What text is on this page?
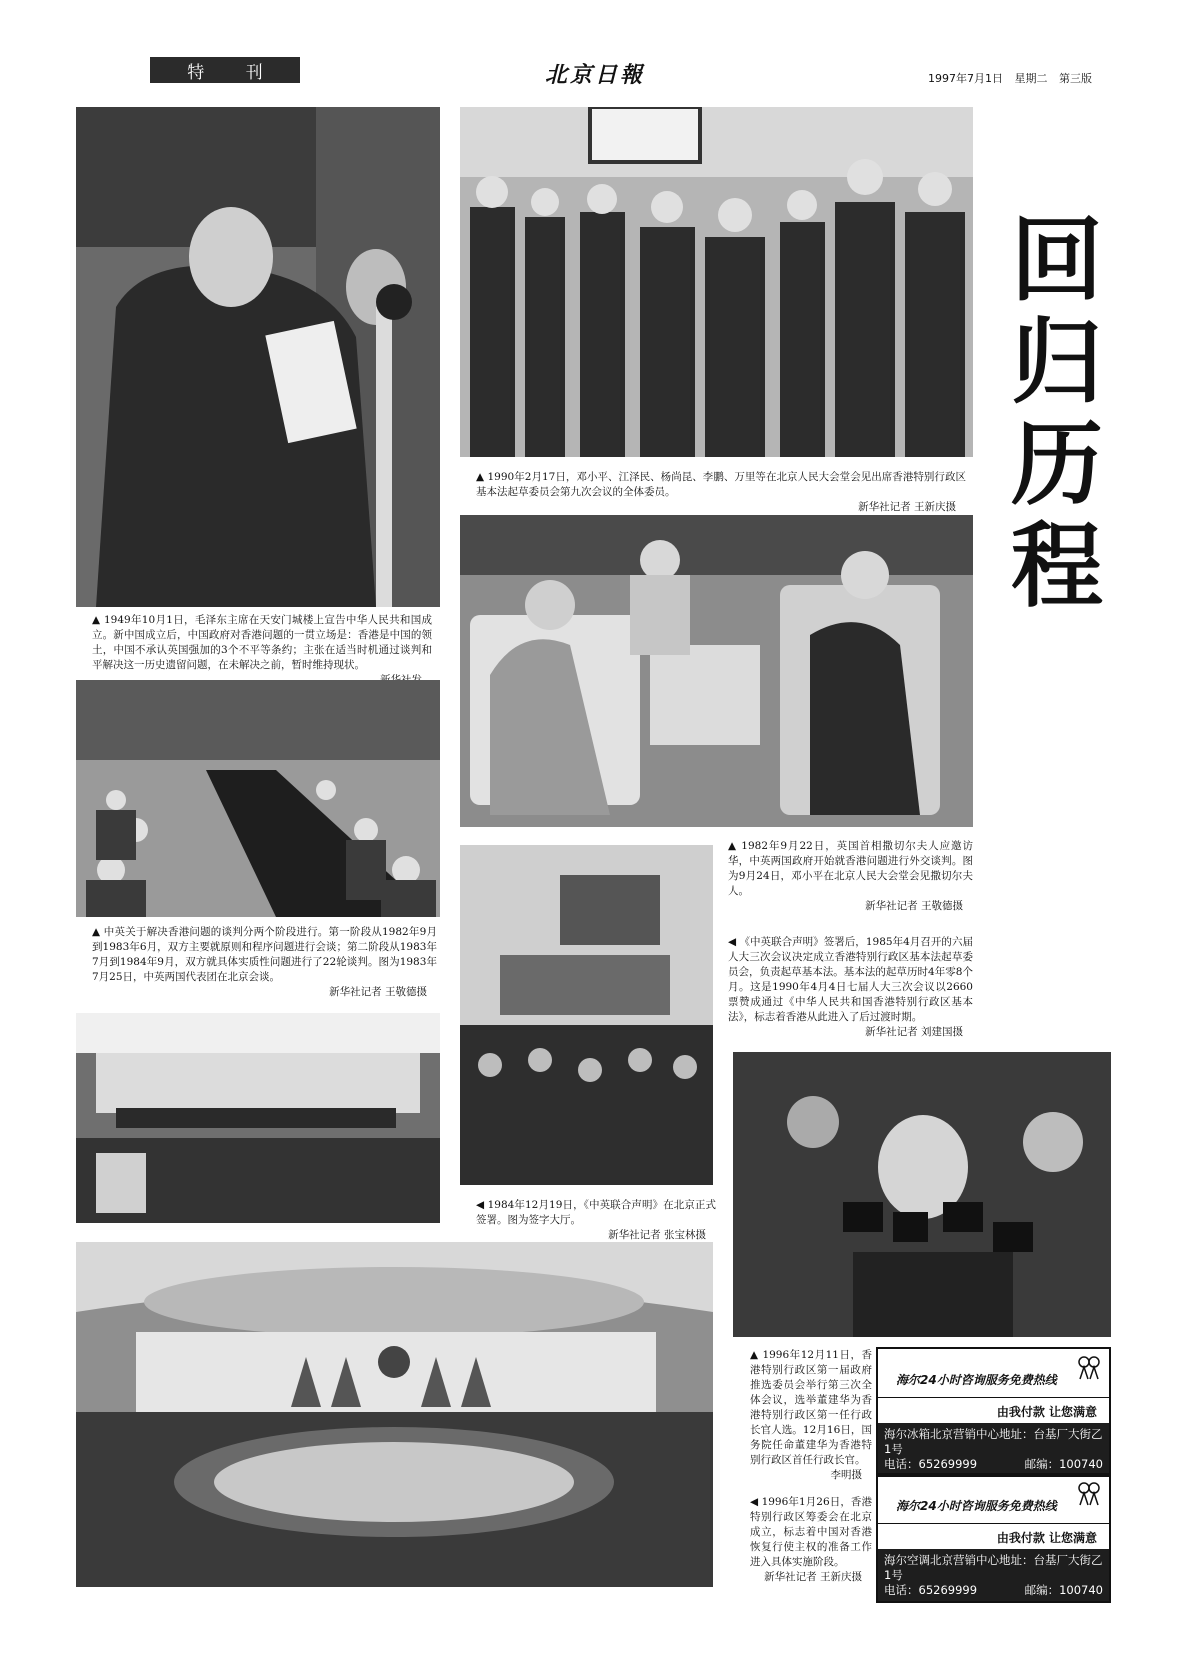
特 刊	北京日報	1997年7月1日 星期二 第三版
回
归
历
程
▲ 1949年10月1日，毛泽东主席在天安门城楼上宣告中华人民共和国成立。新中国成立后，中国政府对香港问题的一贯立场是：香港是中国的领土，中国不承认英国强加的3个不平等条约；主张在适当时机通过谈判和平解决这一历史遗留问题，在未解决之前，暂时维持现状。
▲ 1990年2月17日，邓小平、江泽民、杨尚昆、李鹏、万里等在北京人民大会堂会见出席香港特别行政区基本法起草委员会第九次会议的全体委员。
新华社记者 王新庆摄
▲ 1982年9月22日，英国首相撒切尔夫人应邀访华，中英两国政府开始就香港问题进行外交谈判。图为9月24日，邓小平在北京人民大会堂会见撒切尔夫人。
新华社记者 王敬德摄
▲ 中英关于解决香港问题的谈判分两个阶段进行。第一阶段从1982年9月到1983年6月，双方主要就原则和程序问题进行会谈；第二阶段从1983年7月到1984年9月，双方就具体实质性问题进行了22轮谈判。图为1983年7月25日，中英两国代表团在北京会谈。
新华社记者 王敬德摄
◀ 1984年12月19日，《中英联合声明》在北京正式签署。图为签字大厅。
新华社记者 张宝林摄
◀ 《中英联合声明》签署后，1985年4月召开的六届人大三次会议决定成立香港特别行政区基本法起草委员会，负责起草基本法。基本法的起草历时4年零8个月。这是1990年4月4日七届人大三次会议以2660票赞成通过《中华人民共和国香港特别行政区基本法》，标志着香港从此进入了后过渡时期。
新华社记者 刘建国摄
▲ 1996年12月11日，香港特别行政区第一届政府推选委员会举行第三次全体会议，选举董建华为香港特别行政区第一任行政长官人选。12月16日，国务院任命董建华为香港特别行政区首任行政长官。
李明摄
◀ 1996年1月26日，香港特别行政区筹委会在北京成立，标志着中国对香港恢复行使主权的准备工作进入具体实施阶段。
新华社记者 王新庆摄
海尔24小时咨询服务免费热线
由我付款 让您满意
海尔冰箱北京营销中心地址：台基厂大街乙1号
电话：65269999	邮编：100740
海尔24小时咨询服务免费热线
由我付款 让您满意
海尔空调北京营销中心地址：台基厂大街乙1号
电话：65269999	邮编：100740
